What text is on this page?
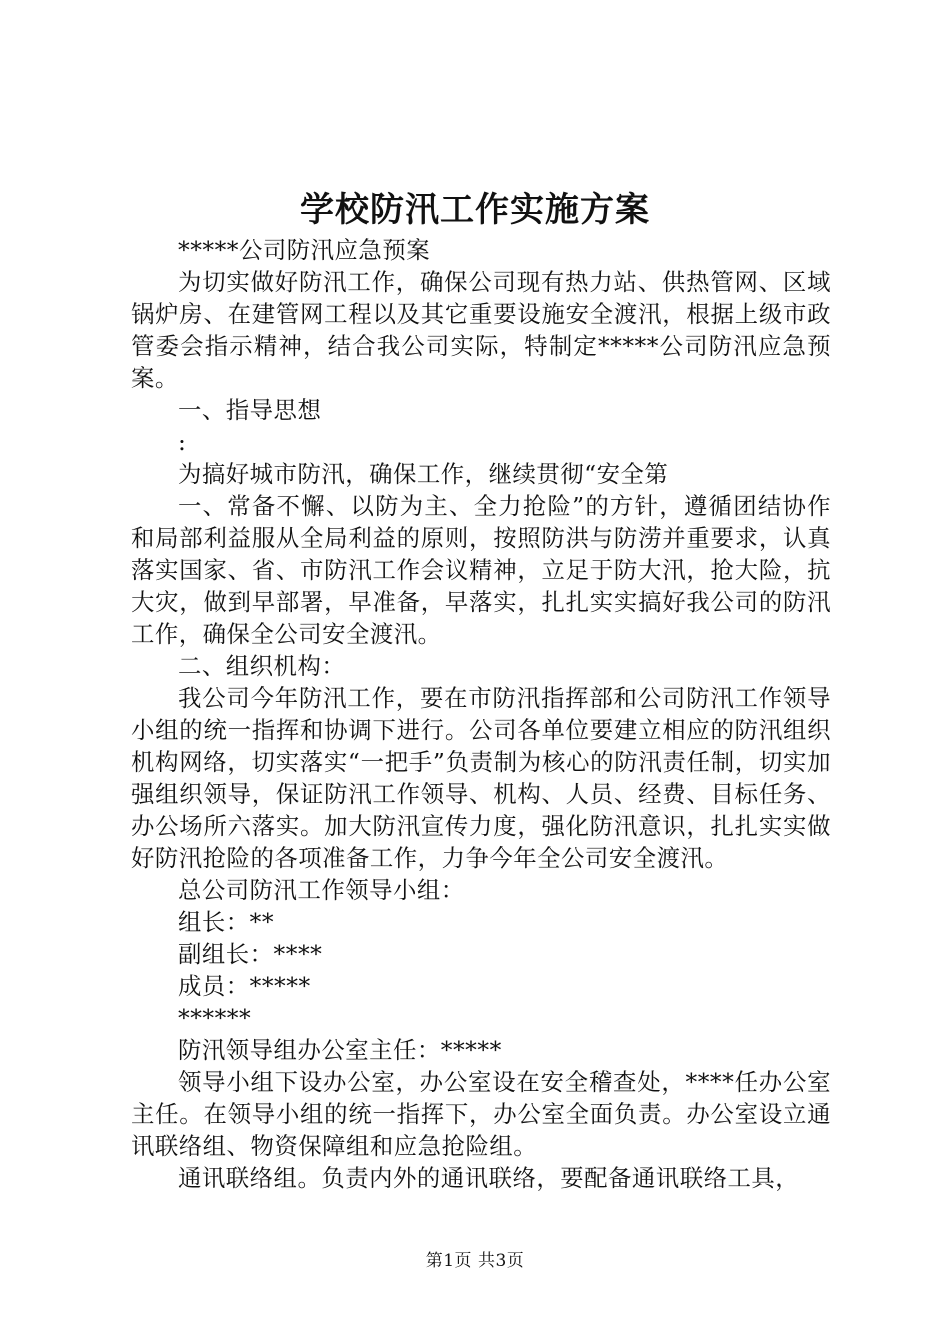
学校防汛工作实施方案

*****公司防汛应急预案

为切实做好防汛工作，确保公司现有热力站、供热管网、区域锅炉房、在建管网工程以及其它重要设施安全渡汛，根据上级市政管委会指示精神，结合我公司实际，特制定*****公司防汛应急预案。

一、指导思想

:

为搞好城市防汛，确保工作，继续贯彻“安全第

一、常备不懈、以防为主、全力抢险”的方针，遵循团结协作和局部利益服从全局利益的原则，按照防洪与防涝并重要求，认真落实国家、省、市防汛工作会议精神，立足于防大汛，抢大险，抗大灾，做到早部署，早准备，早落实，扎扎实实搞好我公司的防汛工作，确保全公司安全渡汛。

二、组织机构：

我公司今年防汛工作，要在市防汛指挥部和公司防汛工作领导小组的统一指挥和协调下进行。公司各单位要建立相应的防汛组织机构网络，切实落实“一把手”负责制为核心的防汛责任制，切实加强组织领导，保证防汛工作领导、机构、人员、经费、目标任务、办公场所六落实。加大防汛宣传力度，强化防汛意识，扎扎实实做好防汛抢险的各项准备工作，力争今年全公司安全渡汛。

总公司防汛工作领导小组：

组长：**

副组长：****

成员：*****

******

防汛领导组办公室主任：*****

领导小组下设办公室，办公室设在安全稽查处，****任办公室主任。在领导小组的统一指挥下，办公室全面负责。办公室设立通讯联络组、物资保障组和应急抢险组。

通讯联络组。负责内外的通讯联络，要配备通讯联络工具，

第1页 共3页
